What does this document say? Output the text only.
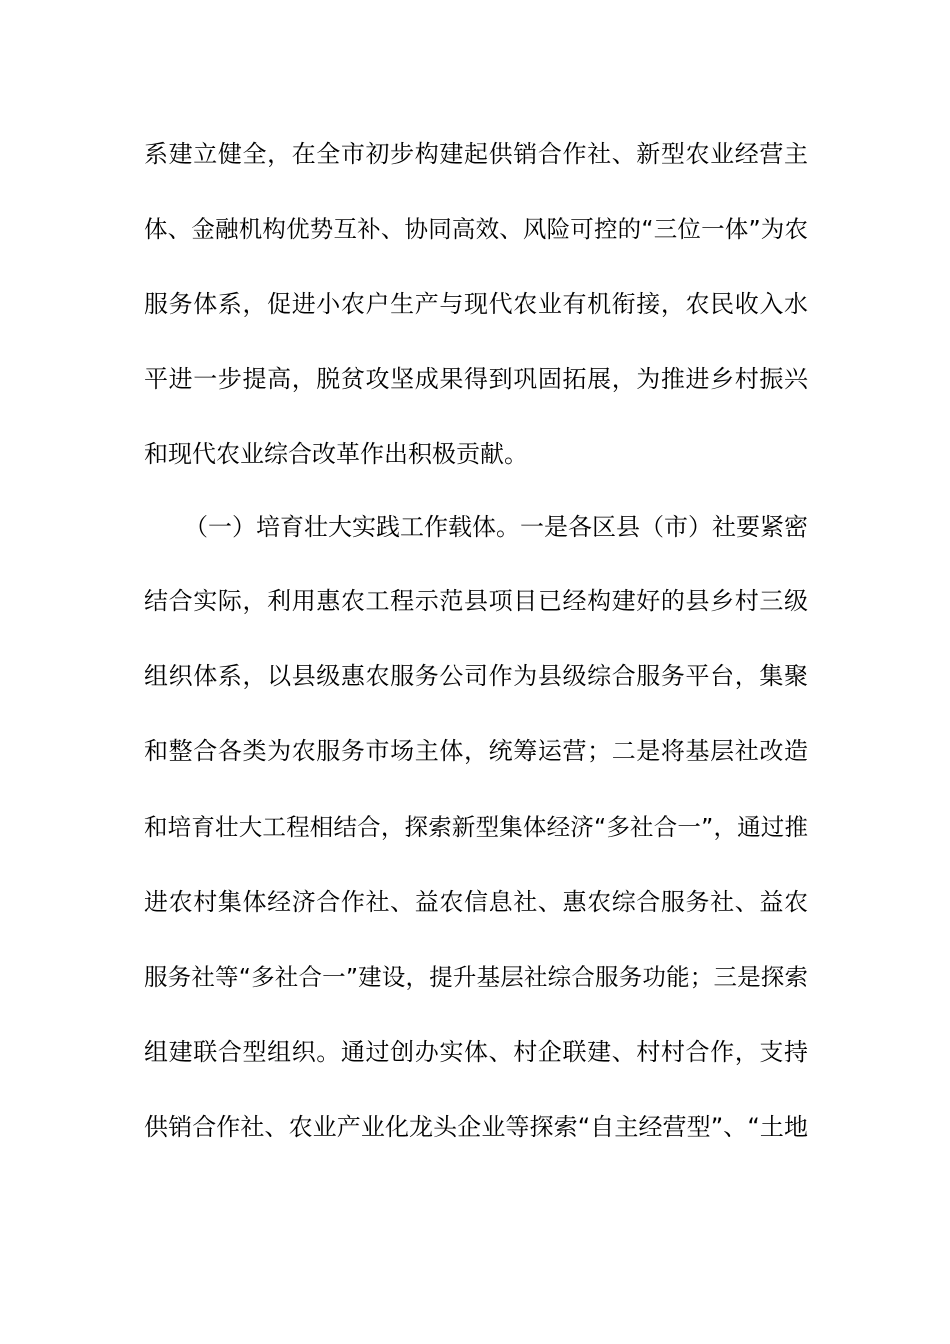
系建立健全，在全市初步构建起供销合作社、新型农业经营主
体、金融机构优势互补、协同高效、风险可控的“三位一体”为农
服务体系，促进小农户生产与现代农业有机衔接，农民收入水
平进一步提高，脱贫攻坚成果得到巩固拓展，为推进乡村振兴
和现代农业综合改革作出积极贡献。
（一）培育壮大实践工作载体。一是各区县（市）社要紧密
结合实际，利用惠农工程示范县项目已经构建好的县乡村三级
组织体系，以县级惠农服务公司作为县级综合服务平台，集聚
和整合各类为农服务市场主体，统筹运营；二是将基层社改造
和培育壮大工程相结合，探索新型集体经济“多社合一”，通过推
进农村集体经济合作社、益农信息社、惠农综合服务社、益农
服务社等“多社合一”建设，提升基层社综合服务功能；三是探索
组建联合型组织。通过创办实体、村企联建、村村合作，支持
供销合作社、农业产业化龙头企业等探索“自主经营型”、“土地
